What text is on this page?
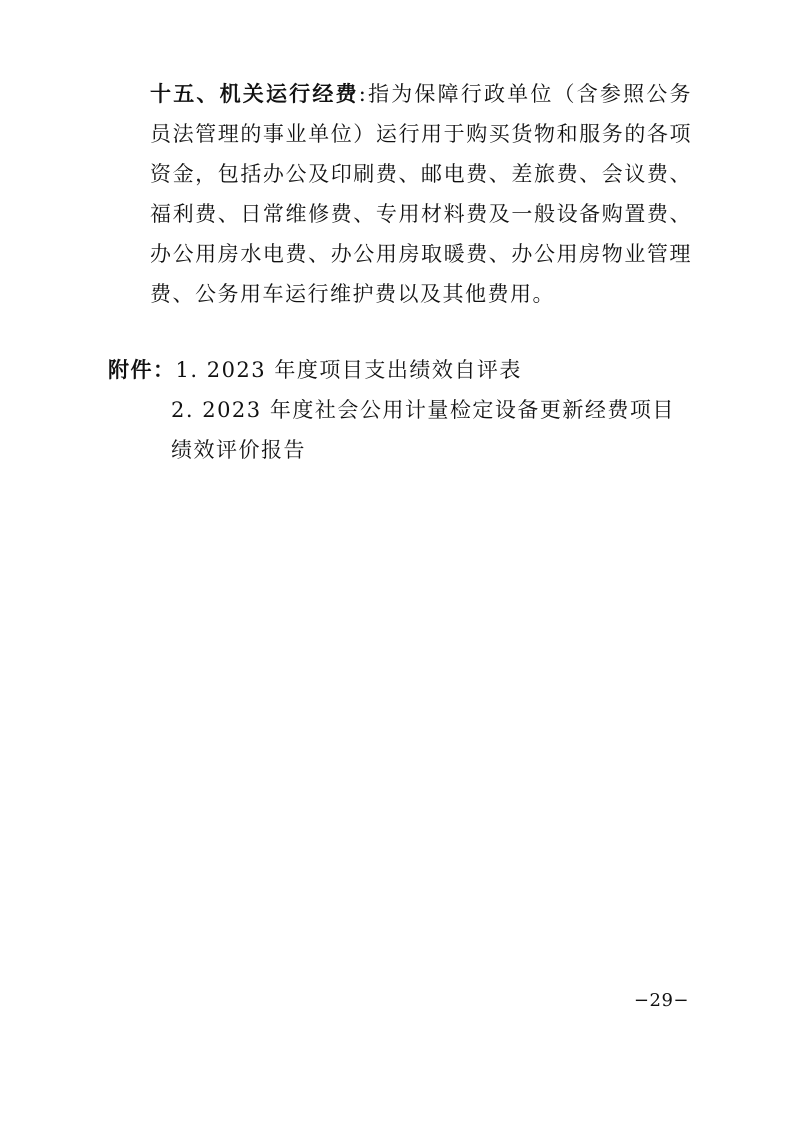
十五、机关运行经费:指为保障行政单位（含参照公务员法管理的事业单位）运行用于购买货物和服务的各项资金，包括办公及印刷费、邮电费、差旅费、会议费、福利费、日常维修费、专用材料费及一般设备购置费、办公用房水电费、办公用房取暖费、办公用房物业管理费、公务用车运行维护费以及其他费用。
附件：1. 2023 年度项目支出绩效自评表
2. 2023 年度社会公用计量检定设备更新经费项目绩效评价报告
−29−
